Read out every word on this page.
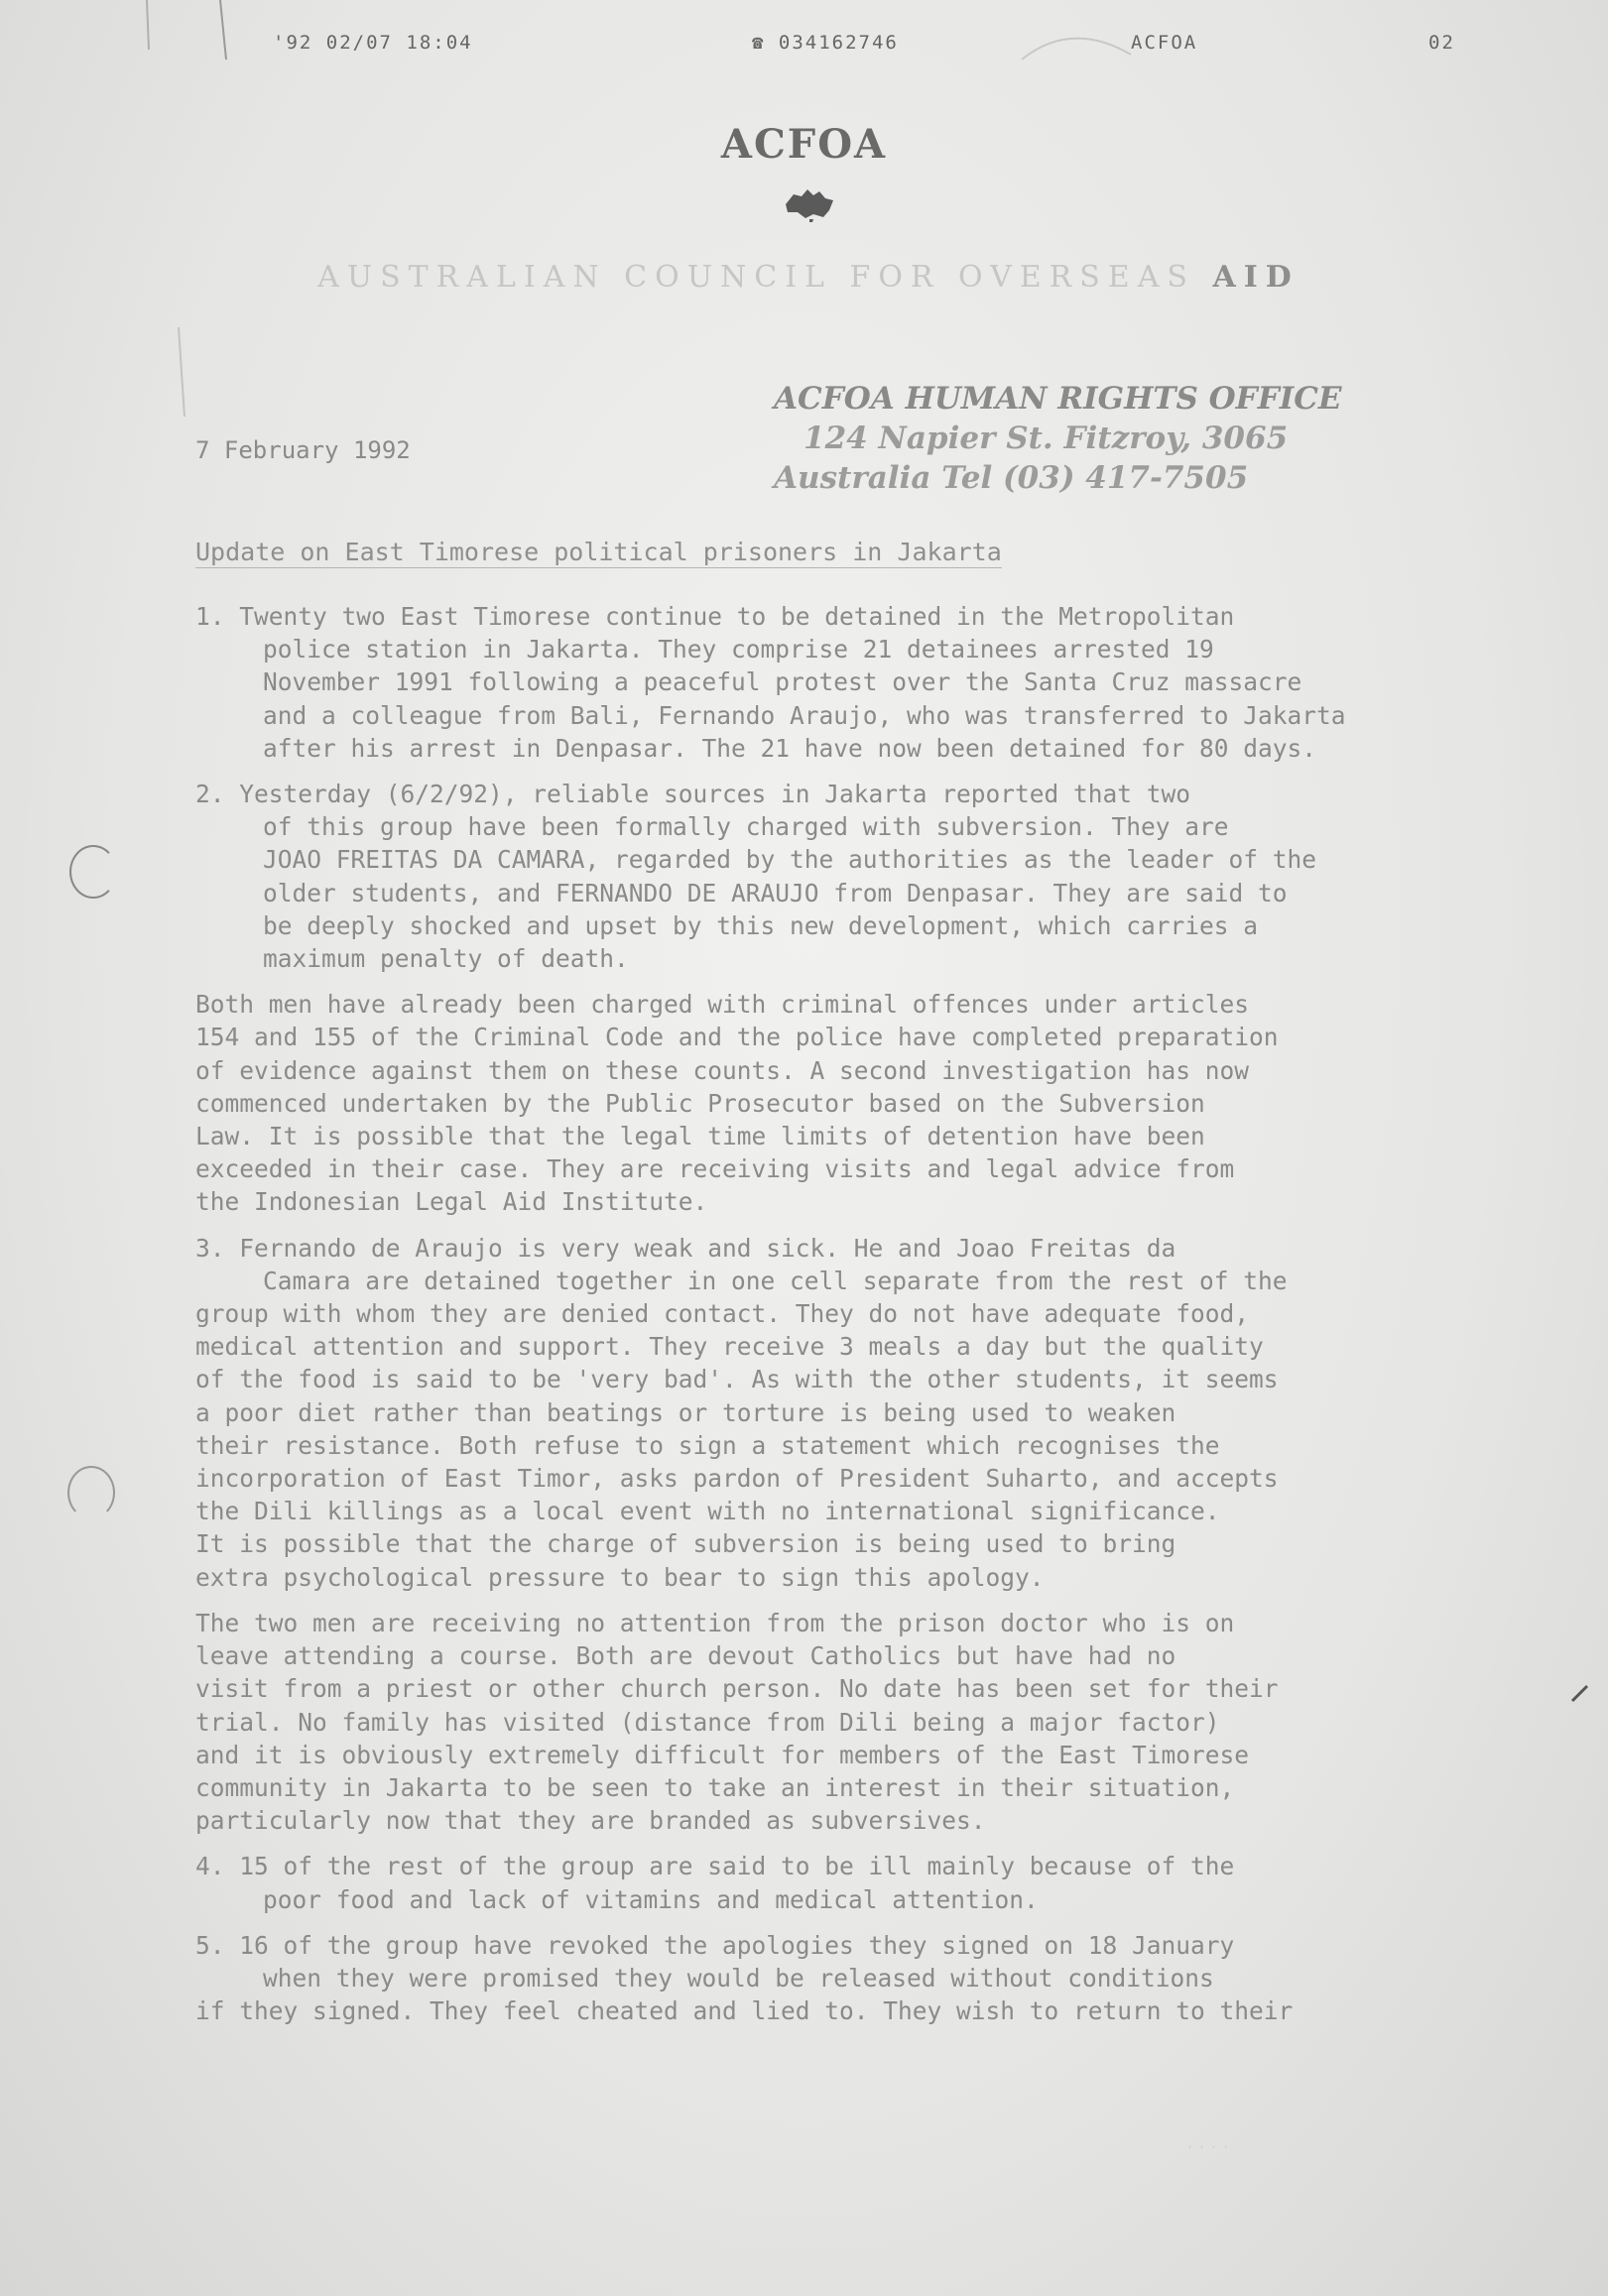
'92 02/07 18:04	☎ 034162746	ACFOA	02
ACFOA
AUSTRALIAN COUNCIL FOR OVERSEAS AID
ACFOA HUMAN RIGHTS OFFICE
124 Napier St. Fitzroy, 3065
Australia Tel (03) 417-7505
7 February 1992
Update on East Timorese political prisoners in Jakarta
1. Twenty two East Timorese continue to be detained in the Metropolitan
police station in Jakarta. They comprise 21 detainees arrested 19
November 1991 following a peaceful protest over the Santa Cruz massacre
and a colleague from Bali, Fernando Araujo, who was transferred to Jakarta
after his arrest in Denpasar. The 21 have now been detained for 80 days.
2. Yesterday (6/2/92), reliable sources in Jakarta reported that two
of this group have been formally charged with subversion. They are
JOAO FREITAS DA CAMARA, regarded by the authorities as the leader of the
older students, and FERNANDO DE ARAUJO from Denpasar. They are said to
be deeply shocked and upset by this new development, which carries a
maximum penalty of death.
Both men have already been charged with criminal offences under articles
154 and 155 of the Criminal Code and the police have completed preparation
of evidence against them on these counts. A second investigation has now
commenced undertaken by the Public Prosecutor based on the Subversion
Law. It is possible that the legal time limits of detention have been
exceeded in their case. They are receiving visits and legal advice from
the Indonesian Legal Aid Institute.
3. Fernando de Araujo is very weak and sick. He and Joao Freitas da
Camara are detained together in one cell separate from the rest of the
group with whom they are denied contact. They do not have adequate food,
medical attention and support. They receive 3 meals a day but the quality
of the food is said to be 'very bad'. As with the other students, it seems
a poor diet rather than beatings or torture is being used to weaken
their resistance. Both refuse to sign a statement which recognises the
incorporation of East Timor, asks pardon of President Suharto, and accepts
the Dili killings as a local event with no international significance.
It is possible that the charge of subversion is being used to bring
extra psychological pressure to bear to sign this apology.
The two men are receiving no attention from the prison doctor who is on
leave attending a course. Both are devout Catholics but have had no
visit from a priest or other church person. No date has been set for their
trial. No family has visited (distance from Dili being a major factor)
and it is obviously extremely difficult for members of the East Timorese
community in Jakarta to be seen to take an interest in their situation,
particularly now that they are branded as subversives.
4. 15 of the rest of the group are said to be ill mainly because of the
poor food and lack of vitamins and medical attention.
5. 16 of the group have revoked the apologies they signed on 18 January
when they were promised they would be released without conditions
if they signed. They feel cheated and lied to. They wish to return to their
....
